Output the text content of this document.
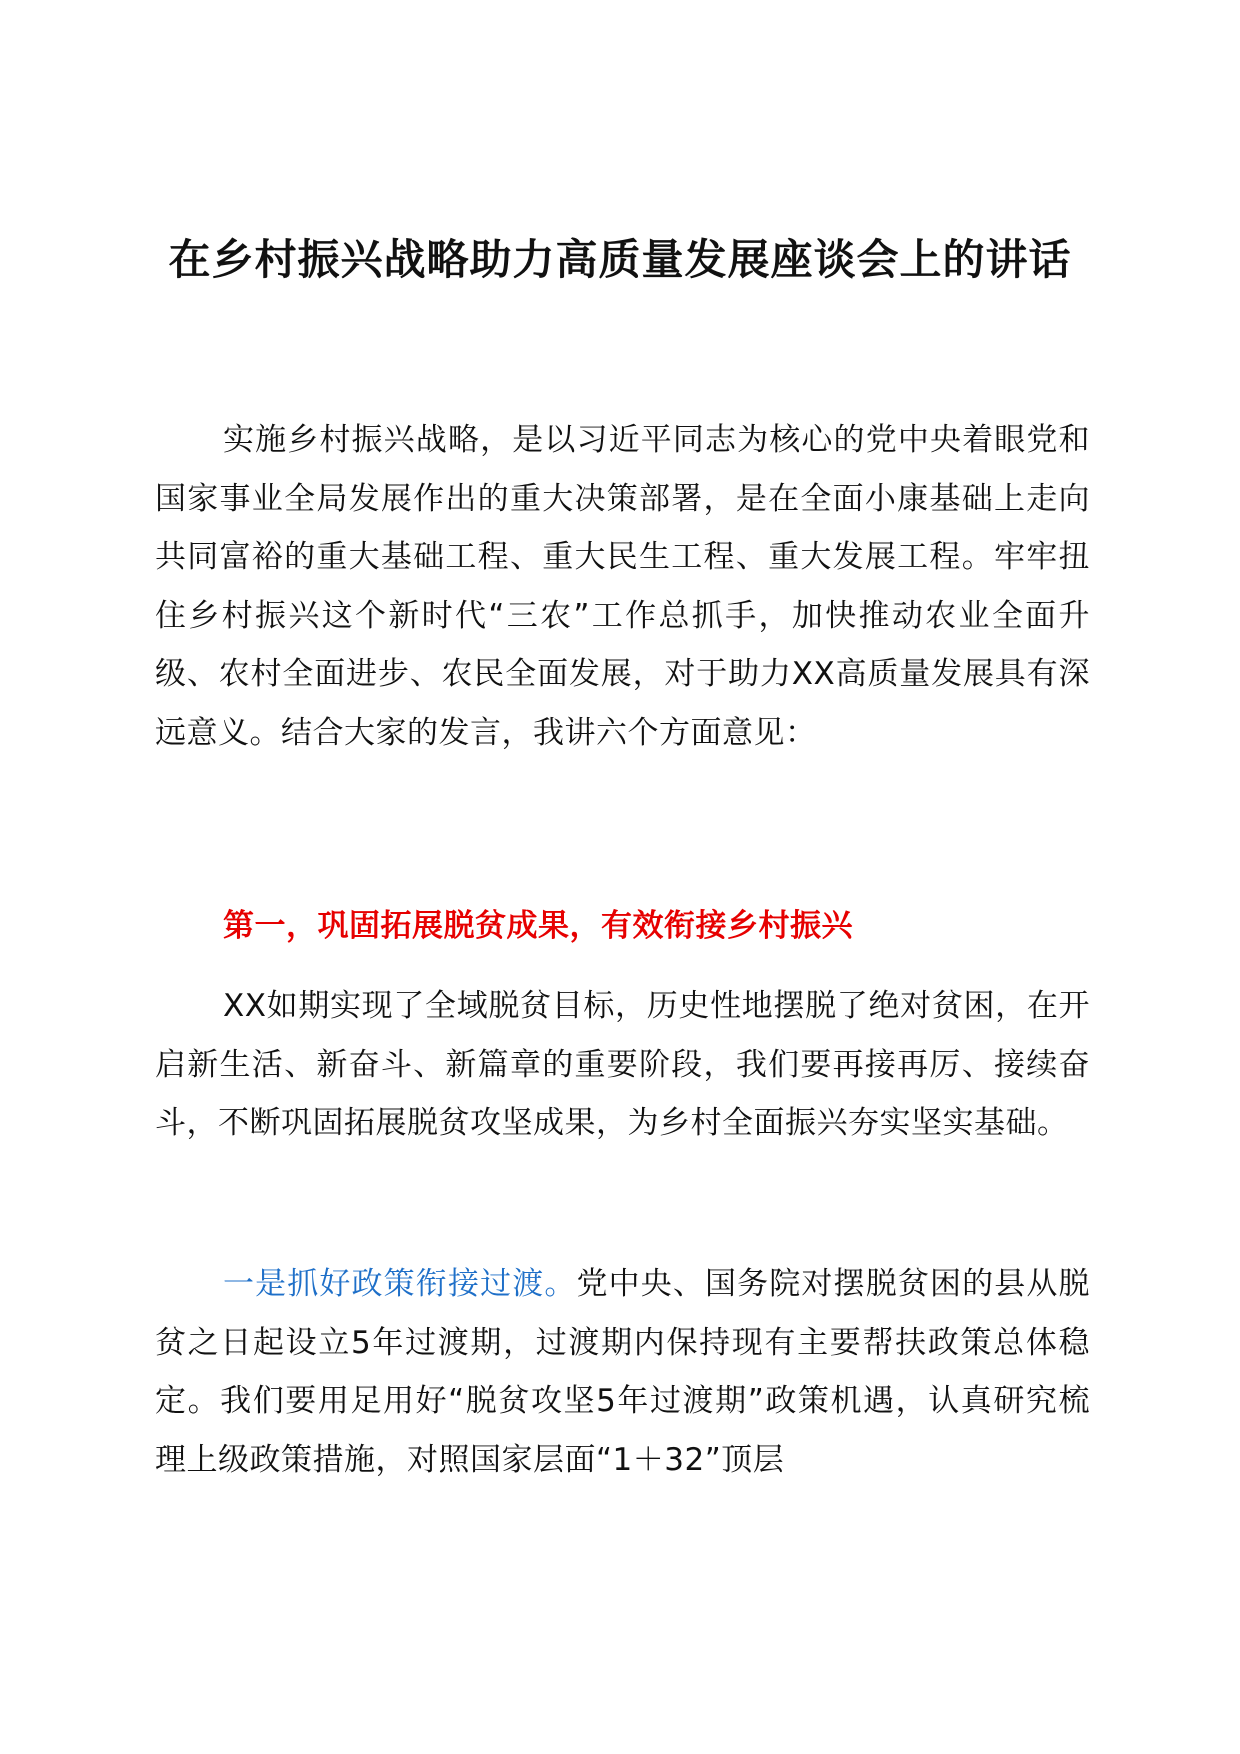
在乡村振兴战略助力高质量发展座谈会上的讲话
实施乡村振兴战略，是以习近平同志为核心的党中央着眼党和国家事业全局发展作出的重大决策部署，是在全面小康基础上走向共同富裕的重大基础工程、重大民生工程、重大发展工程。牢牢扭住乡村振兴这个新时代“三农”工作总抓手，加快推动农业全面升级、农村全面进步、农民全面发展，对于助力XX高质量发展具有深远意义。结合大家的发言，我讲六个方面意见：
第一，巩固拓展脱贫成果，有效衔接乡村振兴
XX如期实现了全域脱贫目标，历史性地摆脱了绝对贫困，在开启新生活、新奋斗、新篇章的重要阶段，我们要再接再厉、接续奋斗，不断巩固拓展脱贫攻坚成果，为乡村全面振兴夯实坚实基础。
一是抓好政策衔接过渡。党中央、国务院对摆脱贫困的县从脱贫之日起设立5年过渡期，过渡期内保持现有主要帮扶政策总体稳定。我们要用足用好“脱贫攻坚5年过渡期”政策机遇，认真研究梳理上级政策措施，对照国家层面“1＋32”顶层
